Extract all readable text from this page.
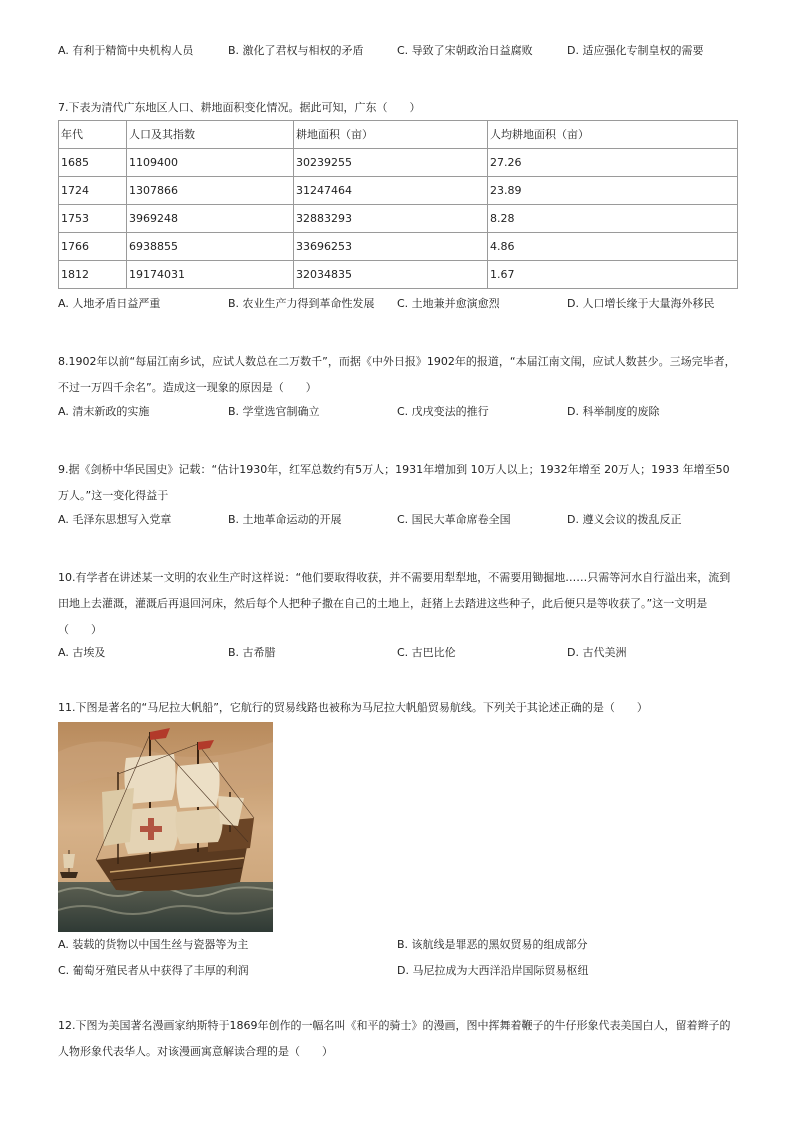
A. 有利于精简中央机构人员	B. 激化了君权与相权的矛盾	C. 导致了宋朝政治日益腐败	D. 适应强化专制皇权的需要
7.下表为清代广东地区人口、耕地面积变化情况。据此可知，广东（　　）
年代	人口及其指数	耕地面积（亩）	人均耕地面积（亩）
1685	1109400	30239255	27.26
1724	1307866	31247464	23.89
1753	3969248	32883293	8.28
1766	6938855	33696253	4.86
1812	19174031	32034835	1.67
A. 人地矛盾日益严重	B. 农业生产力得到革命性发展 C. 土地兼并愈演愈烈	D. 人口增长缘于大量海外移民
8.1902年以前“每届江南乡试，应试人数总在二万数千”，而据《中外日报》1902年的报道，“本届江南文闱，应试人数甚少。三场完毕者，不过一万四千余名”。造成这一现象的原因是（　　）
A. 清末新政的实施	B. 学堂选官制确立	C. 戊戌变法的推行	D. 科举制度的废除
9.据《剑桥中华民国史》记载：“估计1930年，红军总数约有5万人；1931年增加到 10万人以上；1932年增至 20万人；1933 年增至50万人。”这一变化得益于
A. 毛泽东思想写入党章	B. 土地革命运动的开展	C. 国民大革命席卷全国	D. 遵义会议的拨乱反正
10.有学者在讲述某一文明的农业生产时这样说：“他们要取得收获，并不需要用犁犁地，不需要用锄掘地……只需等河水自行溢出来，流到田地上去灌溉，灌溉后再退回河床，然后每个人把种子撒在自己的土地上，赶猪上去踏进这些种子，此后便只是等收获了。”这一文明是（　　）
A. 古埃及	B. 古希腊	C. 古巴比伦	D. 古代美洲
11.下图是著名的“马尼拉大帆船”，它航行的贸易线路也被称为马尼拉大帆船贸易航线。下列关于其论述正确的是（　　）
A. 装载的货物以中国生丝与瓷器等为主	B. 该航线是罪恶的黑奴贸易的组成部分
C. 葡萄牙殖民者从中获得了丰厚的利润	D. 马尼拉成为大西洋沿岸国际贸易枢纽
12.下图为美国著名漫画家纳斯特于1869年创作的一幅名叫《和平的骑士》的漫画，图中挥舞着鞭子的牛仔形象代表美国白人，留着辫子的人物形象代表华人。对该漫画寓意解读合理的是（　　）
